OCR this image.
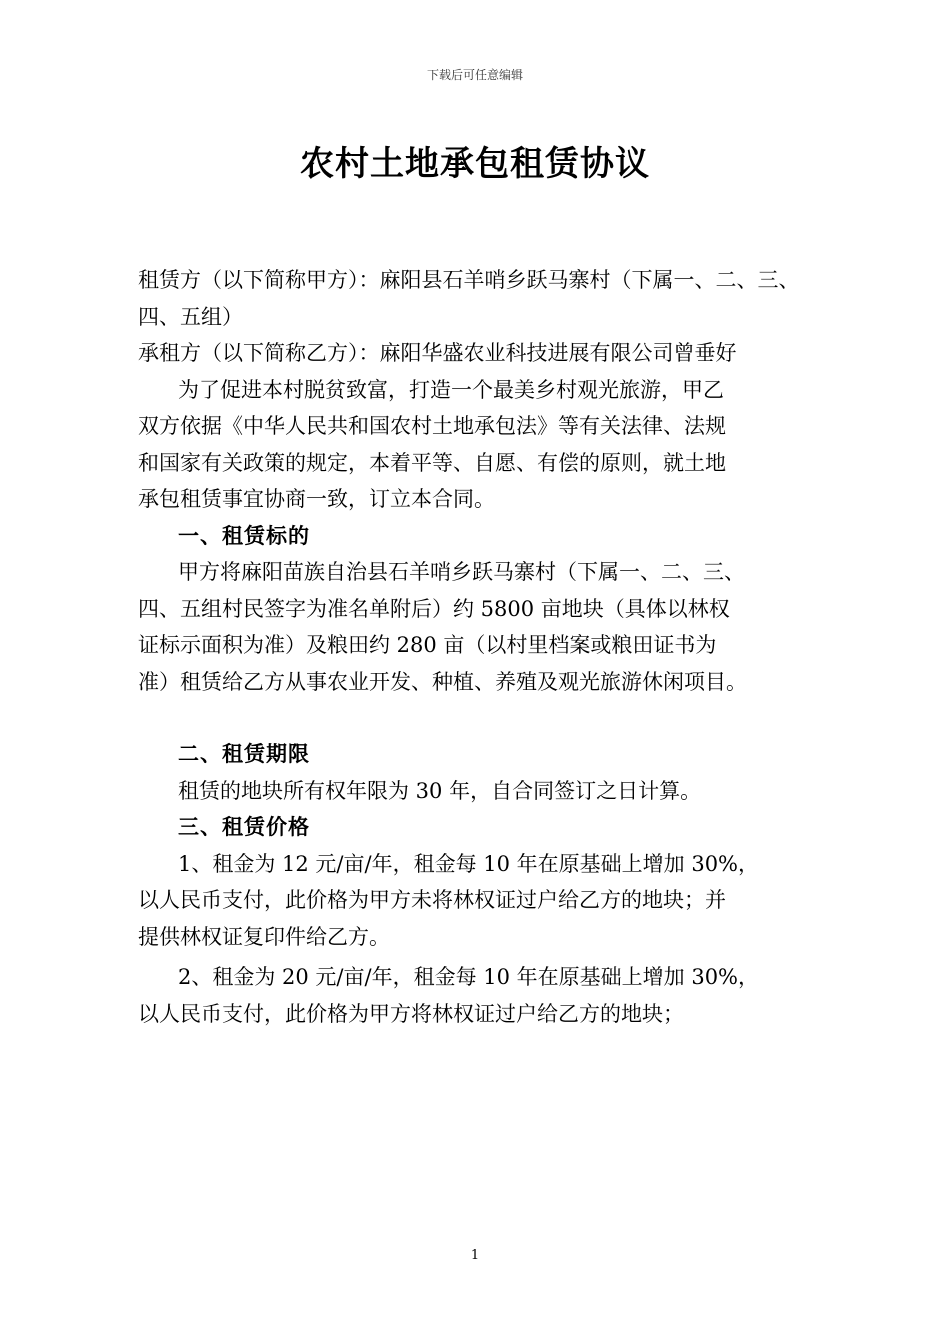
下载后可任意编辑
农村土地承包租赁协议

租赁方（以下简称甲方）：麻阳县石羊哨乡跃马寨村（下属一、二、三、
四、五组）

承租方（以下简称乙方）：麻阳华盛农业科技进展有限公司曾垂好

为了促进本村脱贫致富，打造一个最美乡村观光旅游，甲乙
双方依据《中华人民共和国农村土地承包法》等有关法律、法规
和国家有关政策的规定，本着平等、自愿、有偿的原则，就土地
承包租赁事宜协商一致，订立本合同。

一、租赁标的

甲方将麻阳苗族自治县石羊哨乡跃马寨村（下属一、二、三、
四、五组村民签字为准名单附后）约 5800 亩地块（具体以林权
证标示面积为准）及粮田约 280 亩（以村里档案或粮田证书为
准）租赁给乙方从事农业开发、种植、养殖及观光旅游休闲项目。

二、租赁期限

租赁的地块所有权年限为 30 年，自合同签订之日计算。

三、租赁价格

1、租金为 12 元/亩/年，租金每 10 年在原基础上增加 30%，
以人民币支付，此价格为甲方未将林权证过户给乙方的地块；并
提供林权证复印件给乙方。

2、租金为 20 元/亩/年，租金每 10 年在原基础上增加 30%，
以人民币支付，此价格为甲方将林权证过户给乙方的地块；

1
